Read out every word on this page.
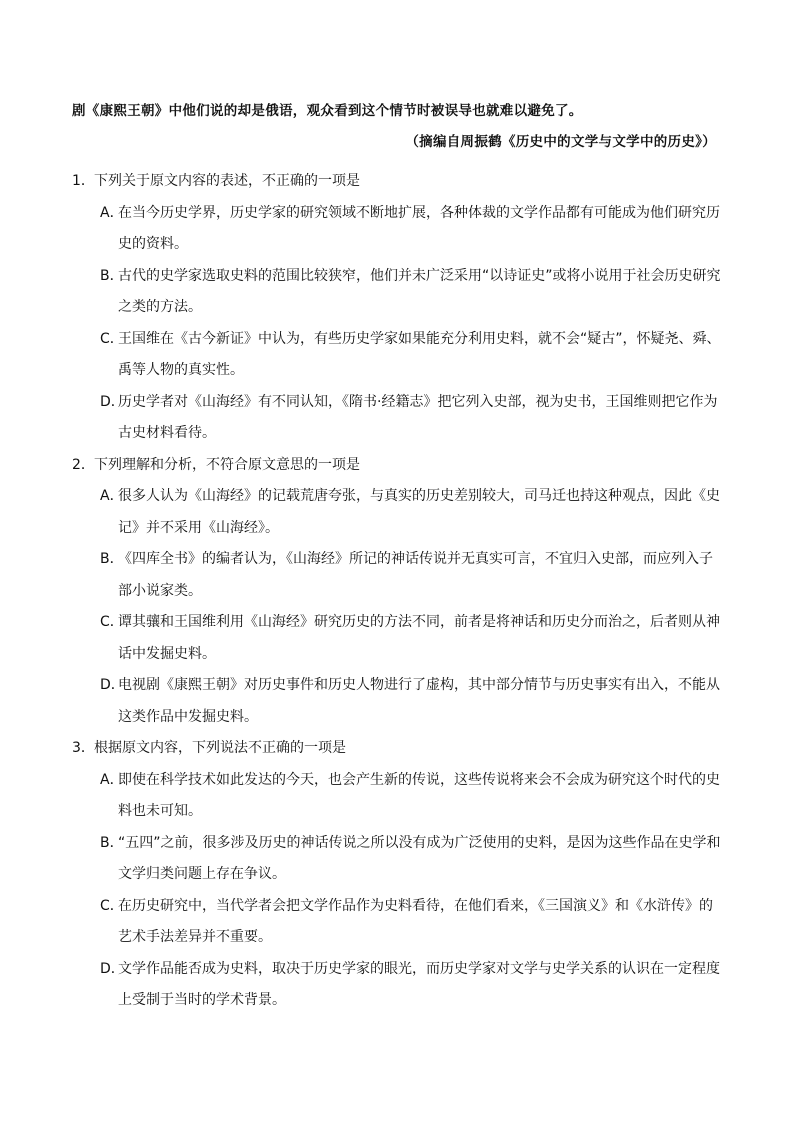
剧《康熙王朝》中他们说的却是俄语，观众看到这个情节时被误导也就难以避免了。
（摘编自周振鹤《历史中的文学与文学中的历史》）

1．下列关于原文内容的表述，不正确的一项是

A．
在当今历史学界，历史学家的研究领域不断地扩展，各种体裁的文学作品都有可能成为他们研究历史的资料。

B．
古代的史学家选取史料的范围比较狭窄，他们并未广泛采用“以诗证史”或将小说用于社会历史研究之类的方法。

C．
王国维在《古今新证》中认为，有些历史学家如果能充分利用史料，就不会“疑古”，怀疑尧、舜、禹等人物的真实性。

D．
历史学者对《山海经》有不同认知，《隋书·经籍志》把它列入史部，视为史书，王国维则把它作为古史材料看待。

2．下列理解和分析，不符合原文意思的一项是

A．
很多人认为《山海经》的记载荒唐夸张，与真实的历史差别较大，司马迁也持这种观点，因此《史记》并不采用《山海经》。

B．
《四库全书》的编者认为，《山海经》所记的神话传说并无真实可言，不宜归入史部，而应列入子部小说家类。

C．
谭其骧和王国维利用《山海经》研究历史的方法不同，前者是将神话和历史分而治之，后者则从神话中发掘史料。

D．
电视剧《康熙王朝》对历史事件和历史人物进行了虚构，其中部分情节与历史事实有出入，不能从这类作品中发掘史料。

3．根据原文内容，下列说法不正确的一项是

A．
即使在科学技术如此发达的今天，也会产生新的传说，这些传说将来会不会成为研究这个时代的史料也未可知。

B．
“五四”之前，很多涉及历史的神话传说之所以没有成为广泛使用的史料，是因为这些作品在史学和文学归类问题上存在争议。

C．
在历史研究中，当代学者会把文学作品作为史料看待，在他们看来，《三国演义》和《水浒传》的艺术手法差异并不重要。

D．
文学作品能否成为史料，取决于历史学家的眼光，而历史学家对文学与史学关系的认识在一定程度上受制于当时的学术背景。
